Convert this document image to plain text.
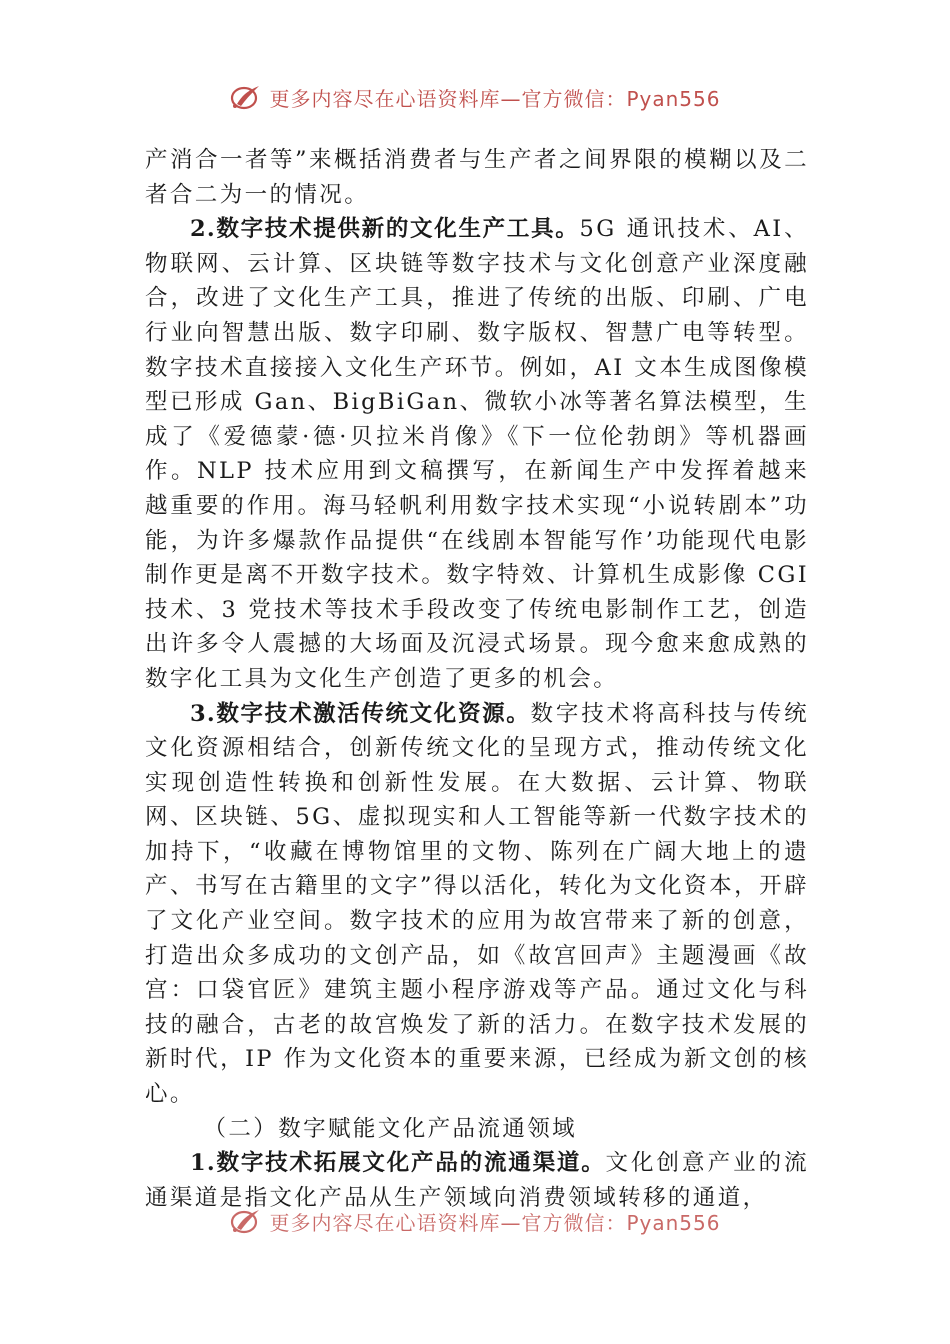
更多内容尽在心语资料库—官方微信：Pyan556

产消合一者等”来概括消费者与生产者之间界限的模糊以及二者合二为一的情况。

2.数字技术提供新的文化生产工具。5G 通讯技术、AI、物联网、云计算、区块链等数字技术与文化创意产业深度融合，改进了文化生产工具，推进了传统的出版、印刷、广电行业向智慧出版、数字印刷、数字版权、智慧广电等转型。数字技术直接接入文化生产环节。例如，AI 文本生成图像模型已形成 Gan、BigBiGan、微软小冰等著名算法模型，生成了《爱德蒙·德·贝拉米肖像》《下一位伦勃朗》等机器画作。NLP 技术应用到文稿撰写，在新闻生产中发挥着越来越重要的作用。海马轻帆利用数字技术实现“小说转剧本”功能，为许多爆款作品提供“在线剧本智能写作’功能现代电影制作更是离不开数字技术。数字特效、计算机生成影像 CGI 技术、3 党技术等技术手段改变了传统电影制作工艺，创造出许多令人震撼的大场面及沉浸式场景。现今愈来愈成熟的数字化工具为文化生产创造了更多的机会。

3.数字技术激活传统文化资源。数字技术将高科技与传统文化资源相结合，创新传统文化的呈现方式，推动传统文化实现创造性转换和创新性发展。在大数据、云计算、物联网、区块链、5G、虚拟现实和人工智能等新一代数字技术的加持下，“收藏在博物馆里的文物、陈列在广阔大地上的遗产、书写在古籍里的文字”得以活化，转化为文化资本，开辟了文化产业空间。数字技术的应用为故宫带来了新的创意，打造出众多成功的文创产品，如《故宫回声》主题漫画《故宫：口袋官匠》建筑主题小程序游戏等产品。通过文化与科技的融合，古老的故宫焕发了新的活力。在数字技术发展的新时代，IP 作为文化资本的重要来源，已经成为新文创的核心。

（二）数字赋能文化产品流通领域

1.数字技术拓展文化产品的流通渠道。文化创意产业的流通渠道是指文化产品从生产领域向消费领域转移的通道，

更多内容尽在心语资料库—官方微信：Pyan556
